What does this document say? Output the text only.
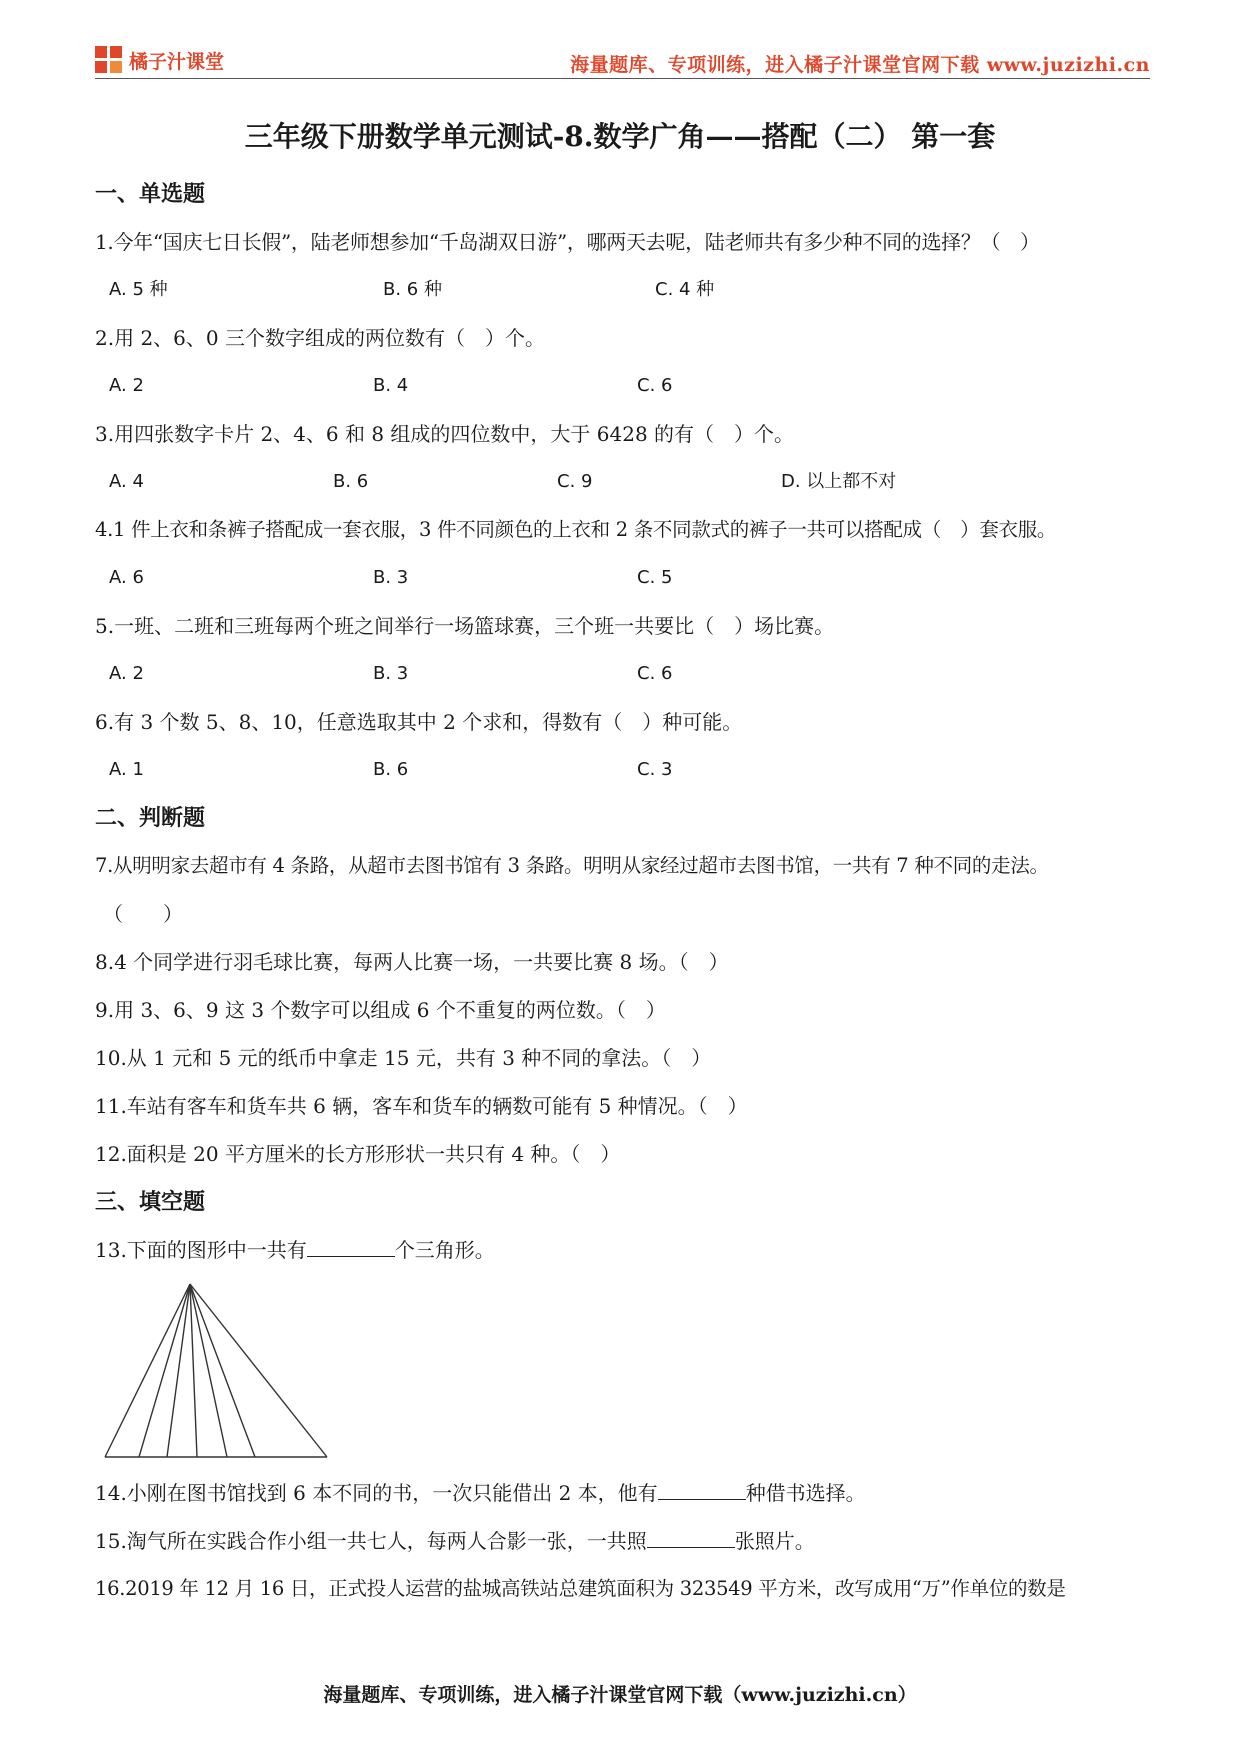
橘子汁课堂	海量题库、专项训练，进入橘子汁课堂官网下载 www.juzizhi.cn
三年级下册数学单元测试-8.数学广角——搭配（二） 第一套
一、单选题
1.今年“国庆七日长假”，陆老师想参加“千岛湖双日游”，哪两天去呢，陆老师共有多少种不同的选择？（　）
A. 5 种	B. 6 种	C. 4 种
2.用 2、6、0 三个数字组成的两位数有（　）个。
A. 2	B. 4	C. 6
3.用四张数字卡片 2、4、6 和 8 组成的四位数中，大于 6428 的有（　）个。
A. 4	B. 6	C. 9	D. 以上都不对
4.1 件上衣和条裤子搭配成一套衣服，3 件不同颜色的上衣和 2 条不同款式的裤子一共可以搭配成（　）套衣服。
A. 6	B. 3	C. 5
5.一班、二班和三班每两个班之间举行一场篮球赛，三个班一共要比（　）场比赛。
A. 2	B. 3	C. 6
6.有 3 个数 5、8、10，任意选取其中 2 个求和，得数有（　）种可能。
A. 1	B. 6	C. 3
二、判断题
7.从明明家去超市有 4 条路，从超市去图书馆有 3 条路。明明从家经过超市去图书馆，一共有 7 种不同的走法。
（　　）
8.4 个同学进行羽毛球比赛，每两人比赛一场，一共要比赛 8 场。（　）
9.用 3、6、9 这 3 个数字可以组成 6 个不重复的两位数。（　）
10.从 1 元和 5 元的纸币中拿走 15 元，共有 3 种不同的拿法。（　）
11.车站有客车和货车共 6 辆，客车和货车的辆数可能有 5 种情况。（　）
12.面积是 20 平方厘米的长方形形状一共只有 4 种。（　）
三、填空题
13.下面的图形中一共有	个三角形。
14.小刚在图书馆找到 6 本不同的书，一次只能借出 2 本，他有	种借书选择。
15.淘气所在实践合作小组一共七人，每两人合影一张，一共照	张照片。
16.2019 年 12 月 16 日，正式投人运营的盐城高铁站总建筑面积为 323549 平方米，改写成用“万”作单位的数是
海量题库、专项训练，进入橘子汁课堂官网下载（www.juzizhi.cn）
